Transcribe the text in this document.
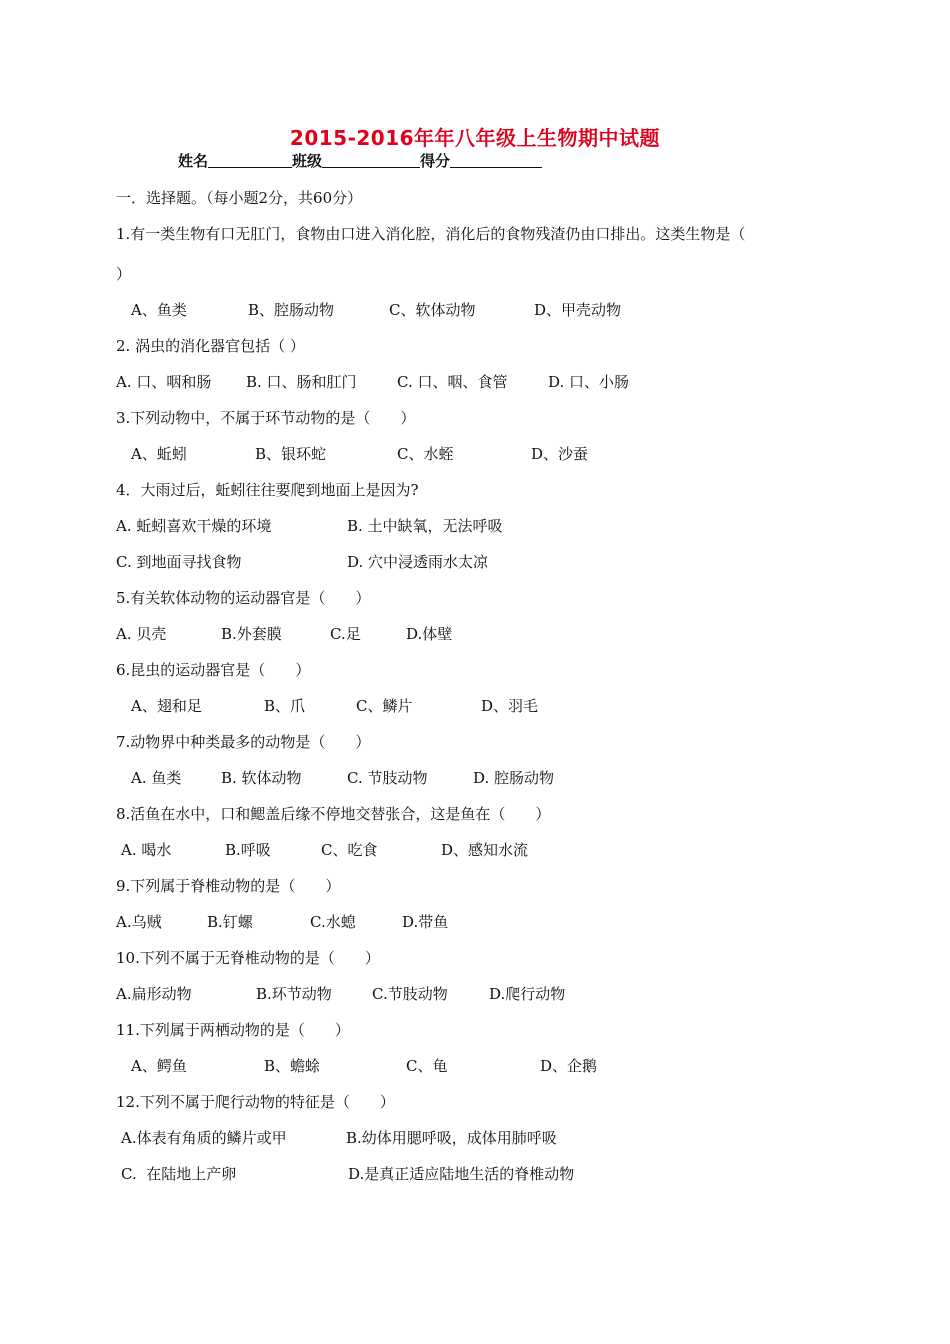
2015-2016年年八年级上生物期中试题
姓名	班级	得分
一．选择题。（每小题2分，共60分）
1.有一类生物有口无肛门，食物由口进入消化腔，消化后的食物残渣仍由口排出。这类生物是（
）
A、鱼类	B、腔肠动物	C、软体动物	D、甲壳动物
2. 涡虫的消化器官包括（ ）
A. 口、咽和肠 B. 口、肠和肛门	C. 口、咽、食管	D. 口、小肠
3.下列动物中，不属于环节动物的是（　　）
A、蚯蚓	B、银环蛇	C、水蛭	D、沙蚕
4．大雨过后，蚯蚓往往要爬到地面上是因为?
A. 蚯蚓喜欢干燥的环境	B. 土中缺氧，无法呼吸
C. 到地面寻找食物	D. 穴中浸透雨水太凉
5.有关软体动物的运动器官是（　　）
A. 贝壳	B.外套膜	C.足	D.体壁
6.昆虫的运动器官是（　　）
A、翅和足	B、爪	C、鳞片	D、羽毛
7.动物界中种类最多的动物是（　　）
A. 鱼类	B. 软体动物	C. 节肢动物	D. 腔肠动物
8.活鱼在水中，口和鳃盖后缘不停地交替张合，这是鱼在（　　）
A. 喝水	B.呼吸	C、吃食	D、感知水流
9.下列属于脊椎动物的是（　　）
A.乌贼	B.钉螺	C.水螅	D.带鱼
10.下列不属于无脊椎动物的是（　　）
A.扁形动物	B.环节动物	C.节肢动物	D.爬行动物
11.下列属于两栖动物的是（　　）
A、鳄鱼	B、蟾蜍	C、龟	D、企鹅
12.下列不属于爬行动物的特征是（　　）
A.体表有角质的鳞片或甲	B.幼体用腮呼吸，成体用肺呼吸
C.  在陆地上产卵	D.是真正适应陆地生活的脊椎动物
